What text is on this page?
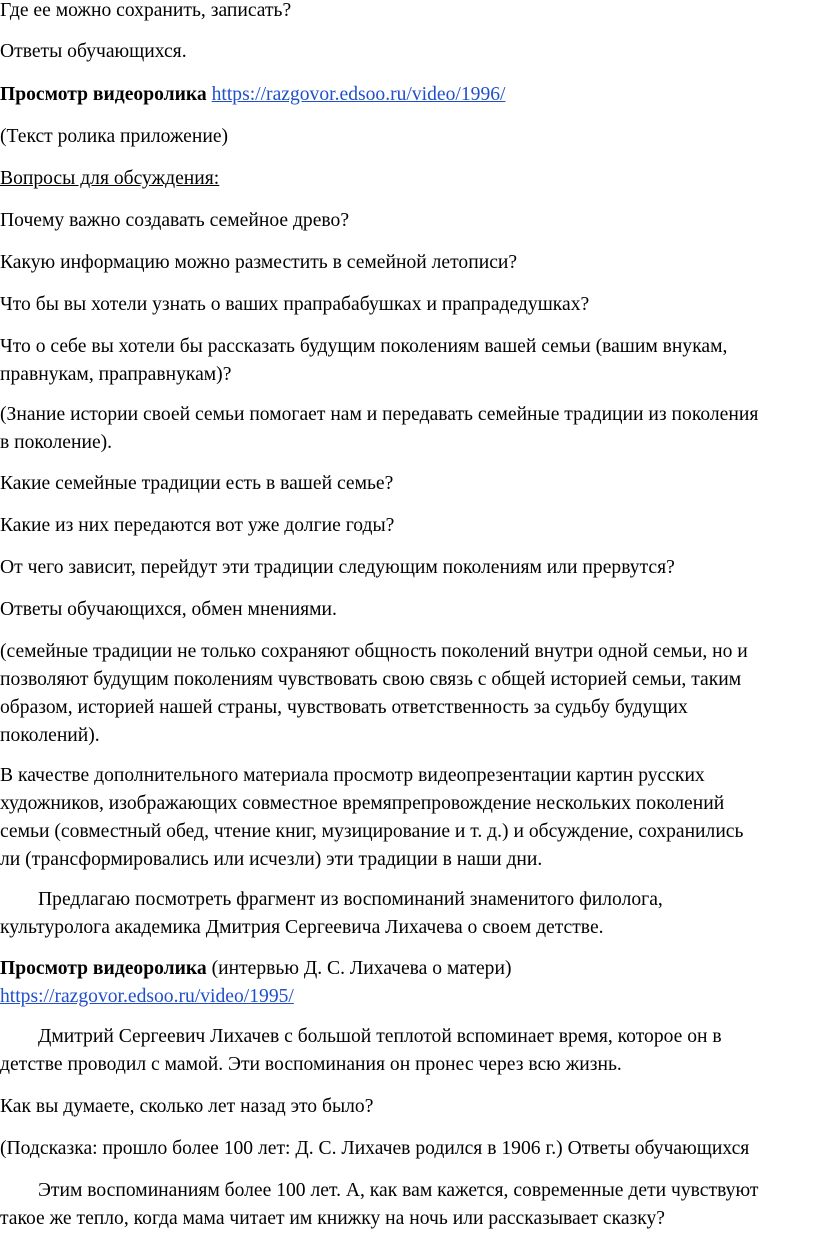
Где ее можно сохранить, записать?

Ответы обучающихся.

Просмотр видеоролика https://razgovor.edsoo.ru/video/1996/

(Текст ролика приложение)

Вопросы для обсуждения:

Почему важно создавать семейное древо?

Какую информацию можно разместить в семейной летописи?

Что бы вы хотели узнать о ваших прапрабабушках и прапрадедушках?

Что о себе вы хотели бы рассказать будущим поколениям вашей семьи (вашим внукам,
правнукам, праправнукам)?

(Знание истории своей семьи помогает нам и передавать семейные традиции из поколения
в поколение).

Какие семейные традиции есть в вашей семье?

Какие из них передаются вот уже долгие годы?

От чего зависит, перейдут эти традиции следующим поколениям или прервутся?

Ответы обучающихся, обмен мнениями.

(семейные традиции не только сохраняют общность поколений внутри одной семьи, но и
позволяют будущим поколениям чувствовать свою связь с общей историей семьи, таким
образом, историей нашей страны, чувствовать ответственность за судьбу будущих
поколений).

В качестве дополнительного материала просмотр видеопрезентации картин русских
художников, изображающих совместное времяпрепровождение нескольких поколений
семьи (совместный обед, чтение книг, музицирование и т. д.) и обсуждение, сохранились
ли (трансформировались или исчезли) эти традиции в наши дни.

Предлагаю посмотреть фрагмент из воспоминаний знаменитого филолога,
культуролога академика Дмитрия Сергеевича Лихачева о своем детстве.

Просмотр видеоролика (интервью Д. С. Лихачева о матери)
https://razgovor.edsoo.ru/video/1995/

Дмитрий Сергеевич Лихачев с большой теплотой вспоминает время, которое он в
детстве проводил с мамой. Эти воспоминания он пронес через всю жизнь.

Как вы думаете, сколько лет назад это было?

(Подсказка: прошло более 100 лет: Д. С. Лихачев родился в 1906 г.) Ответы обучающихся

Этим воспоминаниям более 100 лет. А, как вам кажется, современные дети чувствуют
такое же тепло, когда мама читает им книжку на ночь или рассказывает сказку?
